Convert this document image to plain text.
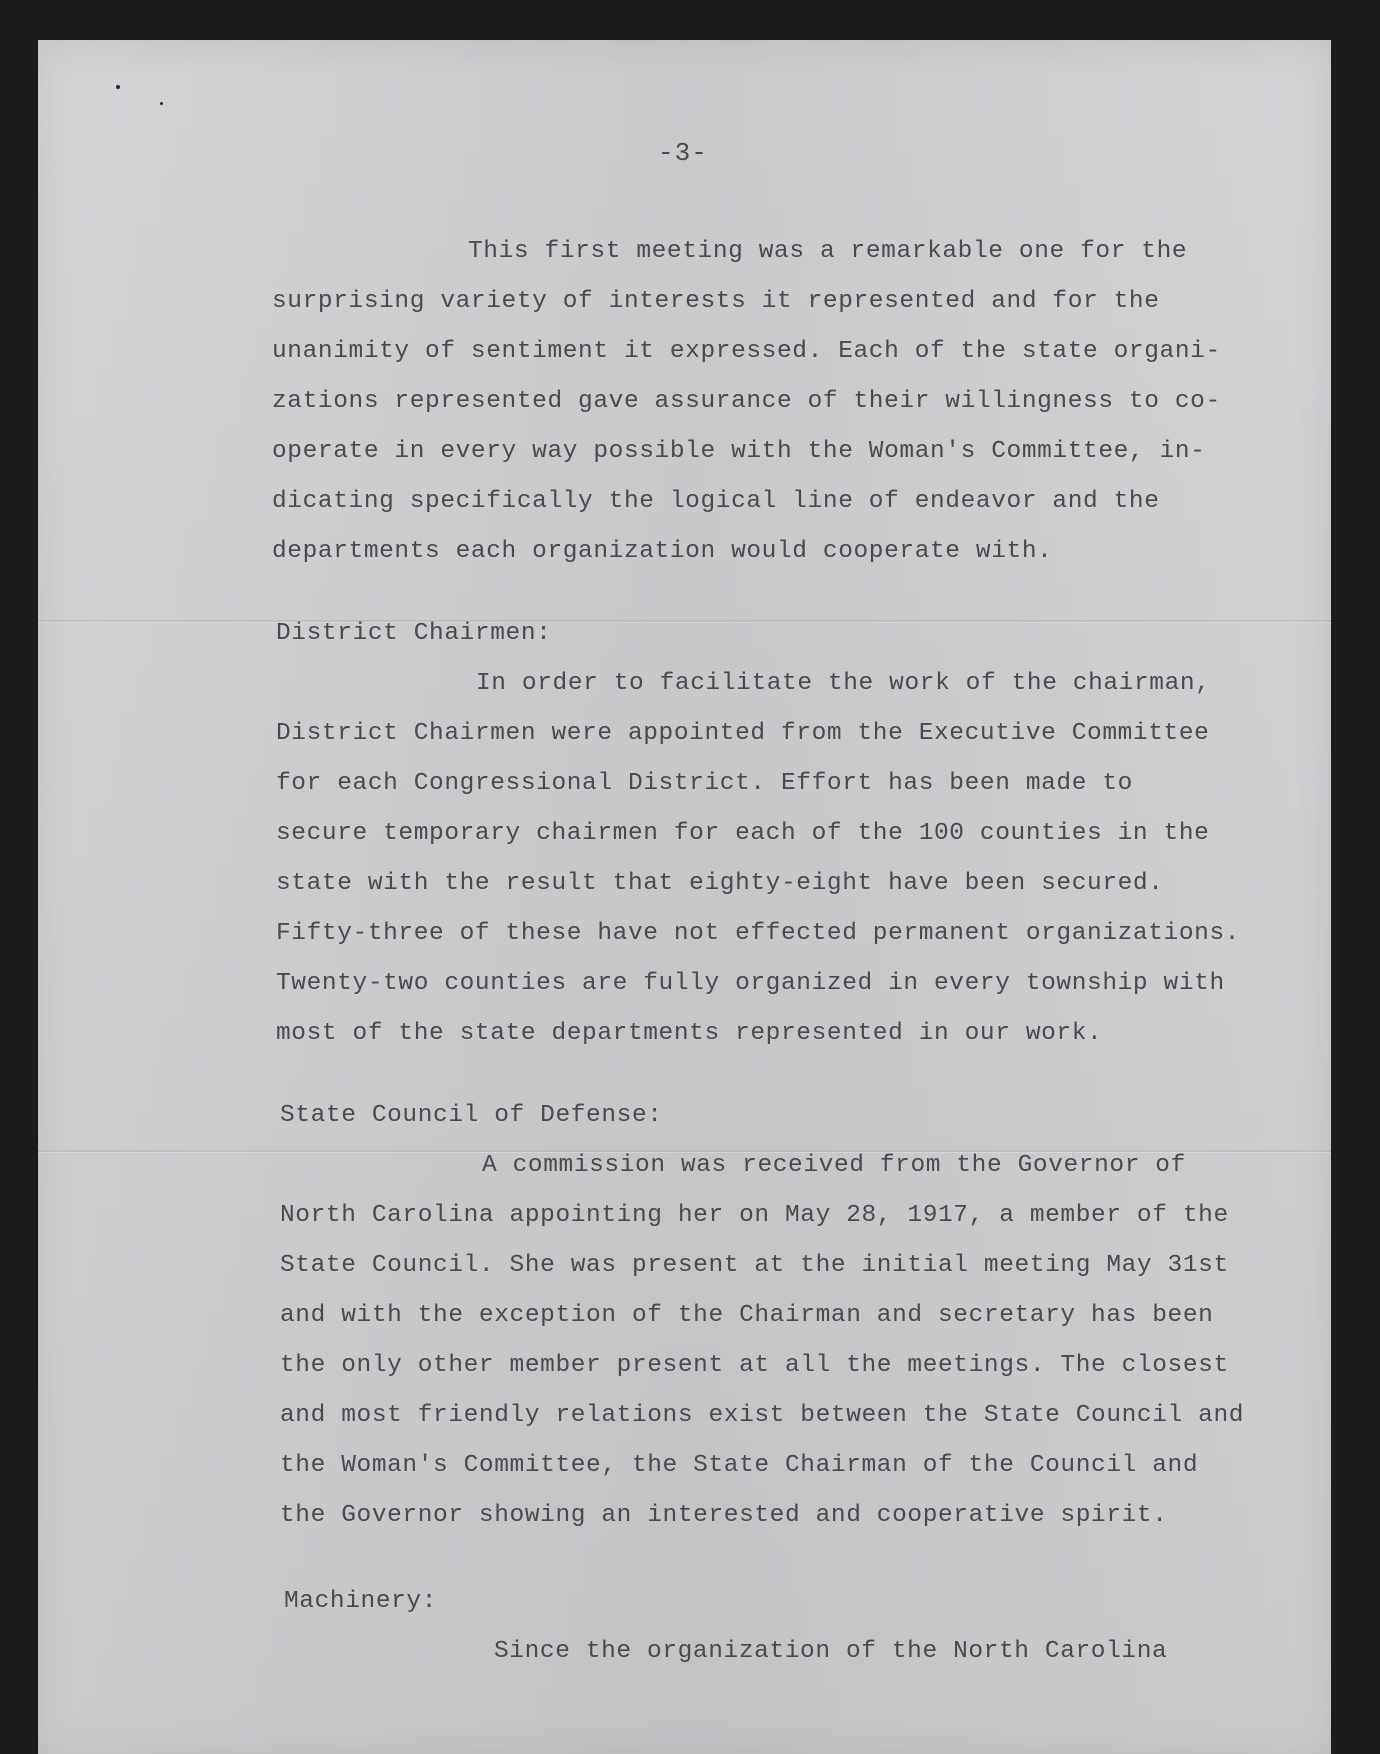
-3-
This first meeting was a remarkable one for the
surprising variety of interests it represented and for the
unanimity of sentiment it expressed. Each of the state organi-
zations represented gave assurance of their willingness to co-
operate in every way possible with the Woman's Committee, in-
dicating specifically the logical line of endeavor and the
departments each organization would cooperate with.
District Chairmen:
In order to facilitate the work of the chairman,
District Chairmen were appointed from the Executive Committee
for each Congressional District. Effort has been made to
secure temporary chairmen for each of the 100 counties in the
state with the result that eighty-eight have been secured.
Fifty-three of these have not effected permanent organizations.
Twenty-two counties are fully organized in every township with
most of the state departments represented in our work.
State Council of Defense:
A commission was received from the Governor of
North Carolina appointing her on May 28, 1917, a member of the
State Council. She was present at the initial meeting May 31st
and with the exception of the Chairman and secretary has been
the only other member present at all the meetings. The closest
and most friendly relations exist between the State Council and
the Woman's Committee, the State Chairman of the Council and
the Governor showing an interested and cooperative spirit.
Machinery:
Since the organization of the North Carolina
